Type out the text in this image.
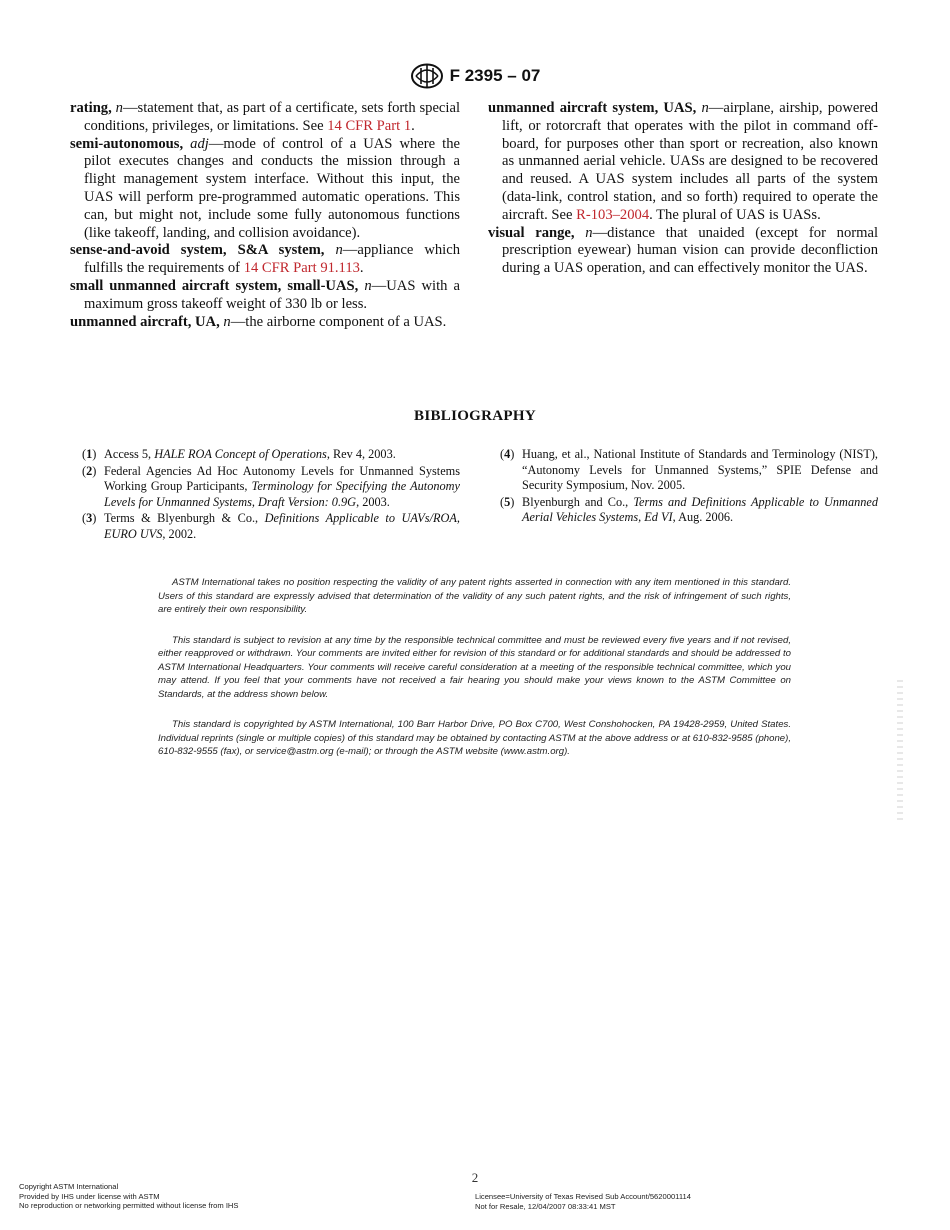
F 2395 – 07

rating, n—statement that, as part of a certificate, sets forth special conditions, privileges, or limitations. See 14 CFR Part 1.

semi-autonomous, adj—mode of control of a UAS where the pilot executes changes and conducts the mission through a flight management system interface. Without this input, the UAS will perform pre-programmed automatic operations. This can, but might not, include some fully autonomous functions (like takeoff, landing, and collision avoidance).

sense-and-avoid system, S&A system, n—appliance which fulfills the requirements of 14 CFR Part 91.113.

small unmanned aircraft system, small-UAS, n—UAS with a maximum gross takeoff weight of 330 lb or less.

unmanned aircraft, UA, n—the airborne component of a UAS.

unmanned aircraft system, UAS, n—airplane, airship, powered lift, or rotorcraft that operates with the pilot in command off-board, for purposes other than sport or recreation, also known as unmanned aerial vehicle. UASs are designed to be recovered and reused. A UAS system includes all parts of the system (data-link, control station, and so forth) required to operate the aircraft. See R-103–2004. The plural of UAS is UASs.

visual range, n—distance that unaided (except for normal prescription eyewear) human vision can provide deconfliction during a UAS operation, and can effectively monitor the UAS.

BIBLIOGRAPHY
(1) Access 5, HALE ROA Concept of Operations, Rev 4, 2003.
(2) Federal Agencies Ad Hoc Autonomy Levels for Unmanned Systems Working Group Participants, Terminology for Specifying the Autonomy Levels for Unmanned Systems, Draft Version: 0.9G, 2003.
(3) Terms & Blyenburgh & Co., Definitions Applicable to UAVs/ROA, EURO UVS, 2002.
(4) Huang, et al., National Institute of Standards and Terminology (NIST), “Autonomy Levels for Unmanned Systems,” SPIE Defense and Security Symposium, Nov. 2005.
(5) Blyenburgh and Co., Terms and Definitions Applicable to Unmanned Aerial Vehicles Systems, Ed VI, Aug. 2006.

ASTM International takes no position respecting the validity of any patent rights asserted in connection with any item mentioned in this standard. Users of this standard are expressly advised that determination of the validity of any such patent rights, and the risk of infringement of such rights, are entirely their own responsibility.

This standard is subject to revision at any time by the responsible technical committee and must be reviewed every five years and if not revised, either reapproved or withdrawn. Your comments are invited either for revision of this standard or for additional standards and should be addressed to ASTM International Headquarters. Your comments will receive careful consideration at a meeting of the responsible technical committee, which you may attend. If you feel that your comments have not received a fair hearing you should make your views known to the ASTM Committee on Standards, at the address shown below.

This standard is copyrighted by ASTM International, 100 Barr Harbor Drive, PO Box C700, West Conshohocken, PA 19428-2959, United States. Individual reprints (single or multiple copies) of this standard may be obtained by contacting ASTM at the above address or at 610-832-9585 (phone), 610-832-9555 (fax), or service@astm.org (e-mail); or through the ASTM website (www.astm.org).

2
Copyright ASTM International
Provided by IHS under license with ASTM
No reproduction or networking permitted without license from IHS
Licensee=University of Texas Revised Sub Account/5620001114
Not for Resale, 12/04/2007 08:33:41 MST
